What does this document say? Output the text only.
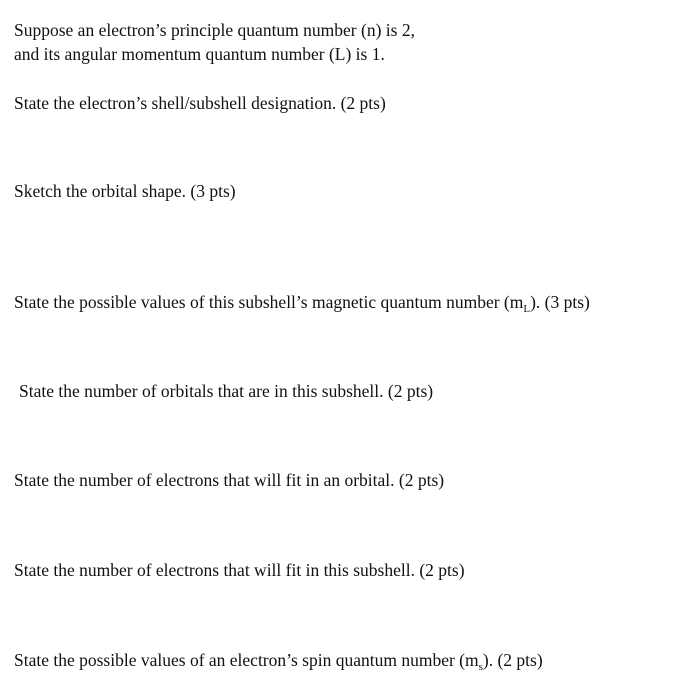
Suppose an electron’s principle quantum number (n) is 2,

and its angular momentum quantum number (L) is 1.

State the electron’s shell/subshell designation. (2 pts)

Sketch the orbital shape. (3 pts)

State the possible values of this subshell’s magnetic quantum number $(m_L)$. (3 pts)

State the number of orbitals that are in this subshell. (2 pts)

State the number of electrons that will fit in an orbital. (2 pts)

State the number of electrons that will fit in this subshell. (2 pts)

State the possible values of an electron’s spin quantum number $(m_s)$. (2 pts)
